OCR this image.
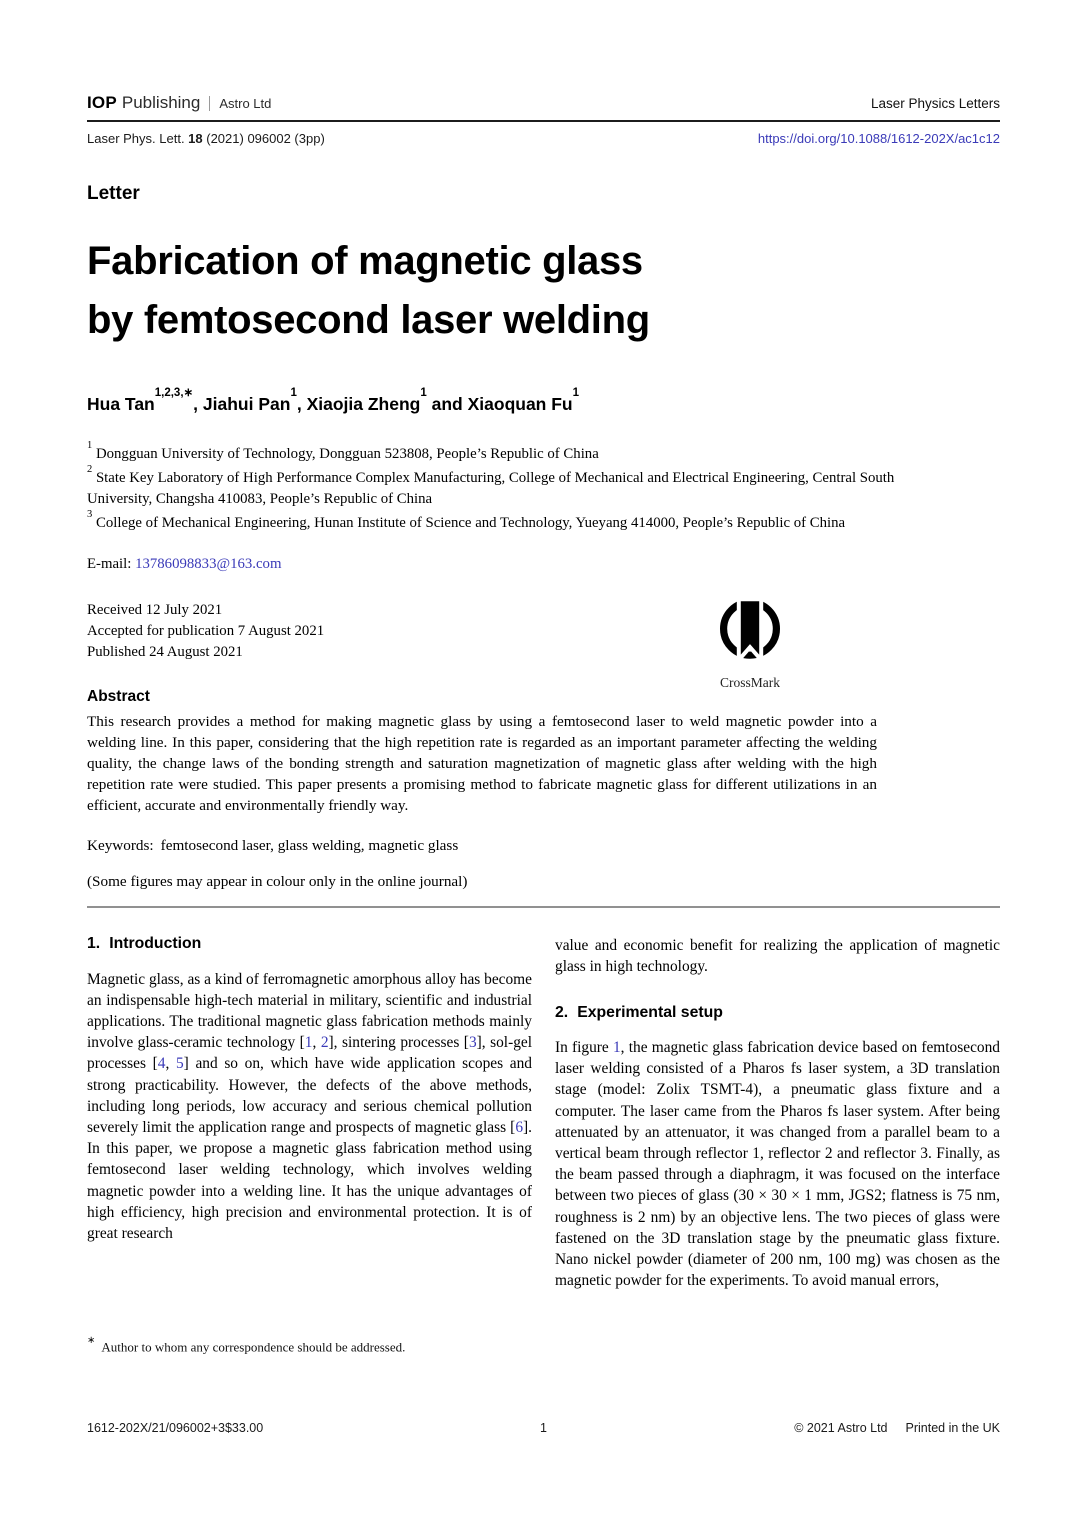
IOP Publishing Astro Ltd	Laser Physics Letters
Laser Phys. Lett. 18 (2021) 096002 (3pp)	https://doi.org/10.1088/1612-202X/ac1c12
Letter
Fabrication of magnetic glass
by femtosecond laser welding
Hua Tan$^{1,2,3,∗}$, Jiahui Pan$^1$, Xiaojia Zheng$^1$ and Xiaoquan Fu$^1$

$^1$ Dongguan University of Technology, Dongguan 523808, People’s Republic of China

$^2$ State Key Laboratory of High Performance Complex Manufacturing, College of Mechanical and Electrical Engineering, Central South University, Changsha 410083, People’s Republic of China

$^3$ College of Mechanical Engineering, Hunan Institute of Science and Technology, Yueyang 414000, People’s Republic of China

E-mail: 13786098833@163.com

Received 12 July 2021

Accepted for publication 7 August 2021

Published 24 August 2021

CrossMark
Abstract

This research provides a method for making magnetic glass by using a femtosecond laser to weld magnetic powder into a welding line. In this paper, considering that the high repetition rate is regarded as an important parameter affecting the welding quality, the change laws of the bonding strength and saturation magnetization of magnetic glass after welding with the high repetition rate were studied. This paper presents a promising method to fabricate magnetic glass for different utilizations in an efficient, accurate and environmentally friendly way.

Keywords: femtosecond laser, glass welding, magnetic glass

(Some figures may appear in colour only in the online journal)

1. Introduction

Magnetic glass, as a kind of ferromagnetic amorphous alloy has become an indispensable high-tech material in military, scientific and industrial applications. The traditional magnetic glass fabrication methods mainly involve glass-ceramic technology [1, 2], sintering processes [3], sol-gel processes [4, 5] and so on, which have wide application scopes and strong practicability. However, the defects of the above methods, including long periods, low accuracy and serious chemical pollution severely limit the application range and prospects of magnetic glass [6]. In this paper, we propose a magnetic glass fabrication method using femtosecond laser welding technology, which involves welding magnetic powder into a welding line. It has the unique advantages of high efficiency, high precision and environmental protection. It is of great research

value and economic benefit for realizing the application of magnetic glass in high technology.

2. Experimental setup

In figure 1, the magnetic glass fabrication device based on femtosecond laser welding consisted of a Pharos fs laser system, a 3D translation stage (model: Zolix TSMT-4), a pneumatic glass fixture and a computer. The laser came from the Pharos fs laser system. After being attenuated by an attenuator, it was changed from a parallel beam to a vertical beam through reflector 1, reflector 2 and reflector 3. Finally, as the beam passed through a diaphragm, it was focused on the interface between two pieces of glass (30 × 30 × 1 mm, JGS2; flatness is 75 nm, roughness is 2 nm) by an objective lens. The two pieces of glass were fastened on the 3D translation stage by the pneumatic glass fixture. Nano nickel powder (diameter of 200 nm, 100 mg) was chosen as the magnetic powder for the experiments. To avoid manual errors,

∗ Author to whom any correspondence should be addressed.
1612-202X/21/096002+3$33.00	1	© 2021 Astro Ltd Printed in the UK
